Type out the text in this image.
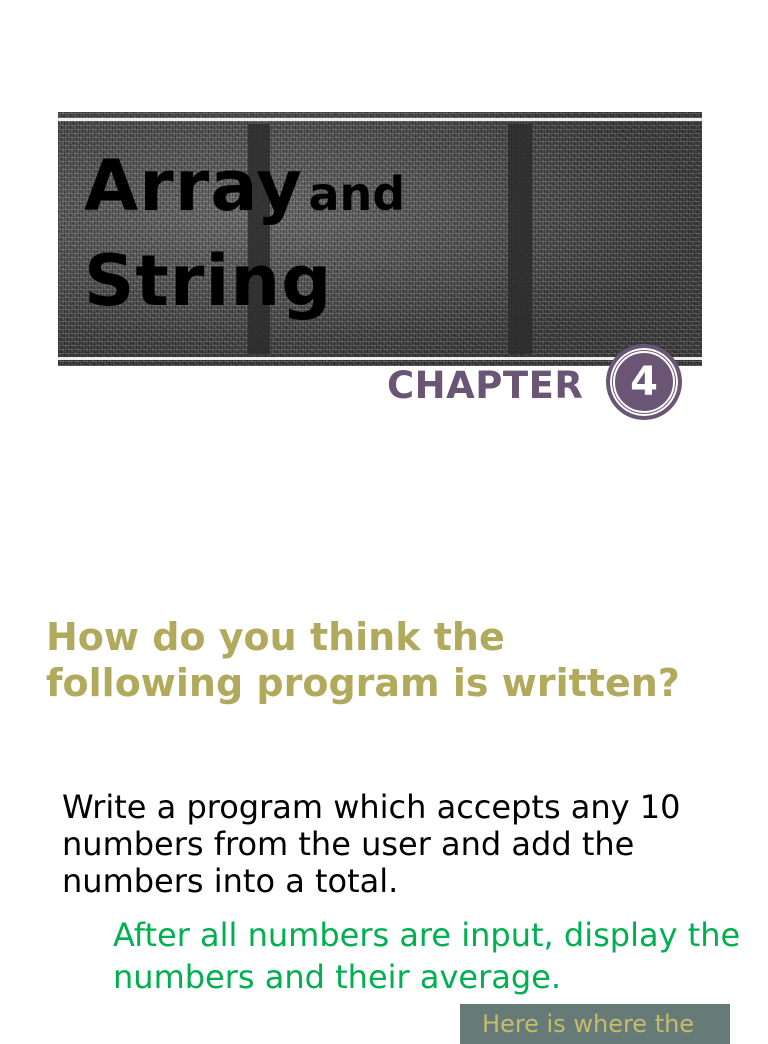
Array and
String
CHAPTER	4
How do you think the following program is written?
Write a program which accepts any 10 numbers from the user and add the numbers into a total.
After all numbers are input, display the numbers and their average.
Here is where the
